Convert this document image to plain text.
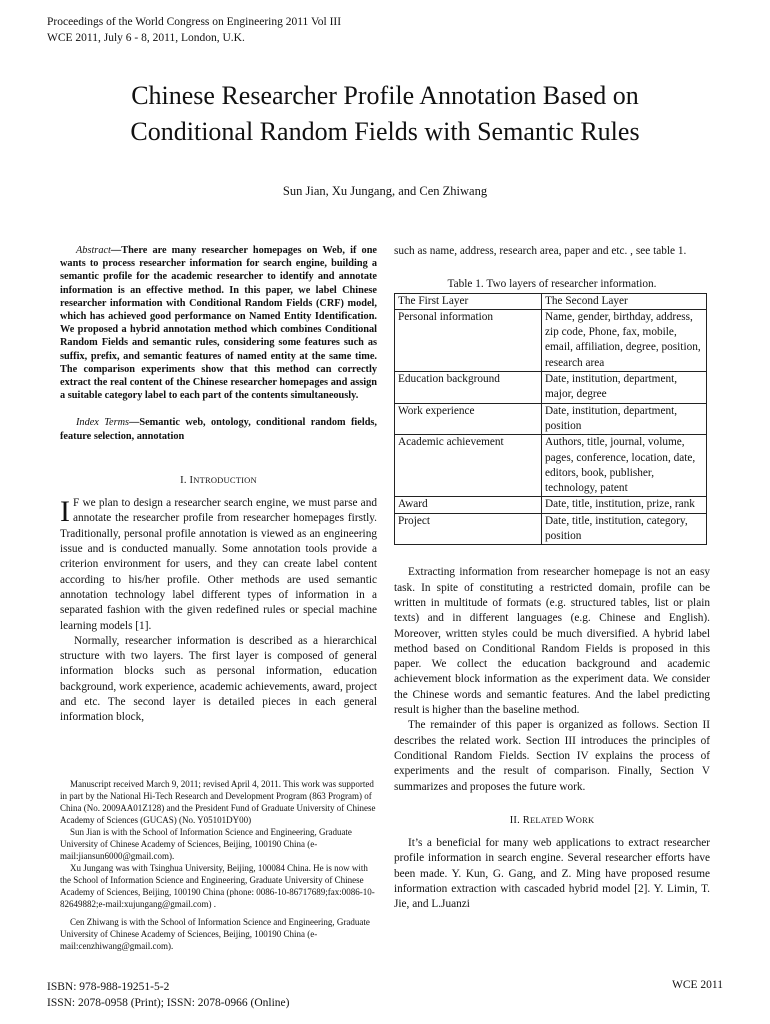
Proceedings of the World Congress on Engineering 2011 Vol III
WCE 2011, July 6 - 8, 2011, London, U.K.
Chinese Researcher Profile Annotation Based on
Conditional Random Fields with Semantic Rules
Sun Jian, Xu Jungang, and Cen Zhiwang

Abstract—There are many researcher homepages on Web, if one wants to process researcher information for search engine, building a semantic profile for the academic researcher to identify and annotate information is an effective method. In this paper, we label Chinese researcher information with Conditional Random Fields (CRF) model, which has achieved good performance on Named Entity Identification. We proposed a hybrid annotation method which combines Conditional Random Fields and semantic rules, considering some features such as suffix, prefix, and semantic features of named entity at the same time. The comparison experiments show that this method can correctly extract the real content of the Chinese researcher homepages and assign a suitable category label to each part of the contents simultaneously.

Index Terms—Semantic web, ontology, conditional random fields, feature selection, annotation

I. INTRODUCTION

I F we plan to design a researcher search engine, we must parse and annotate the researcher profile from researcher homepages firstly. Traditionally, personal profile annotation is viewed as an engineering issue and is conducted manually. Some annotation tools provide a criterion environment for users, and they can create label content according to his/her profile. Other methods are used semantic annotation technology label different types of information in a separated fashion with the given redefined rules or special machine learning models [1].

Normally, researcher information is described as a hierarchical structure with two layers. The first layer is composed of general information blocks such as personal information, education background, work experience, academic achievements, award, project and etc. The second layer is detailed pieces in each general information block,

Manuscript received March 9, 2011; revised April 4, 2011. This work was supported in part by the National Hi-Tech Research and Development Program (863 Program) of China (No. 2009AA01Z128) and the President Fund of Graduate University of Chinese Academy of Sciences (GUCAS) (No. Y05101DY00)

Sun Jian is with the School of Information Science and Engineering, Graduate University of Chinese Academy of Sciences, Beijing, 100190 China (e-mail:jiansun6000@gmail.com).

Xu Jungang was with Tsinghua University, Beijing, 100084 China. He is now with the School of Information Science and Engineering, Graduate University of Chinese Academy of Sciences, Beijing, 100190 China (phone: 0086-10-86717689;fax:0086-10-82649882;e-mail:xujungang@gmail.com) .

Cen Zhiwang is with the School of Information Science and Engineering, Graduate University of Chinese Academy of Sciences, Beijing, 100190 China (e-mail:cenzhiwang@gmail.com).

such as name, address, research area, paper and etc. , see table 1.

Table 1. Two layers of researcher information.

The First Layer	The Second Layer
Personal information	Name, gender, birthday, address, zip code, Phone, fax, mobile, email, affiliation, degree, position, research area
Education background	Date, institution, department, major, degree
Work experience	Date, institution, department, position
Academic achievement	Authors, title, journal, volume, pages, conference, location, date, editors, book, publisher, technology, patent
Award	Date, title, institution, prize, rank
Project	Date, title, institution, category, position

Extracting information from researcher homepage is not an easy task. In spite of constituting a restricted domain, profile can be written in multitude of formats (e.g. structured tables, list or plain texts) and in different languages (e.g. Chinese and English). Moreover, written styles could be much diversified. A hybrid label method based on Conditional Random Fields is proposed in this paper. We collect the education background and academic achievement block information as the experiment data. We consider the Chinese words and semantic features. And the label predicting result is higher than the baseline method.

The remainder of this paper is organized as follows. Section II describes the related work. Section III introduces the principles of Conditional Random Fields. Section IV explains the process of experiments and the result of comparison. Finally, Section V summarizes and proposes the future work.

II. RELATED WORK

It’s a beneficial for many web applications to extract researcher profile information in search engine. Several researcher efforts have been made. Y. Kun, G. Gang, and Z. Ming have proposed resume information extraction with cascaded hybrid model [2]. Y. Limin, T. Jie, and L.Juanzi

ISBN: 978-988-19251-5-2
ISSN: 2078-0958 (Print); ISSN: 2078-0966 (Online)
WCE 2011
